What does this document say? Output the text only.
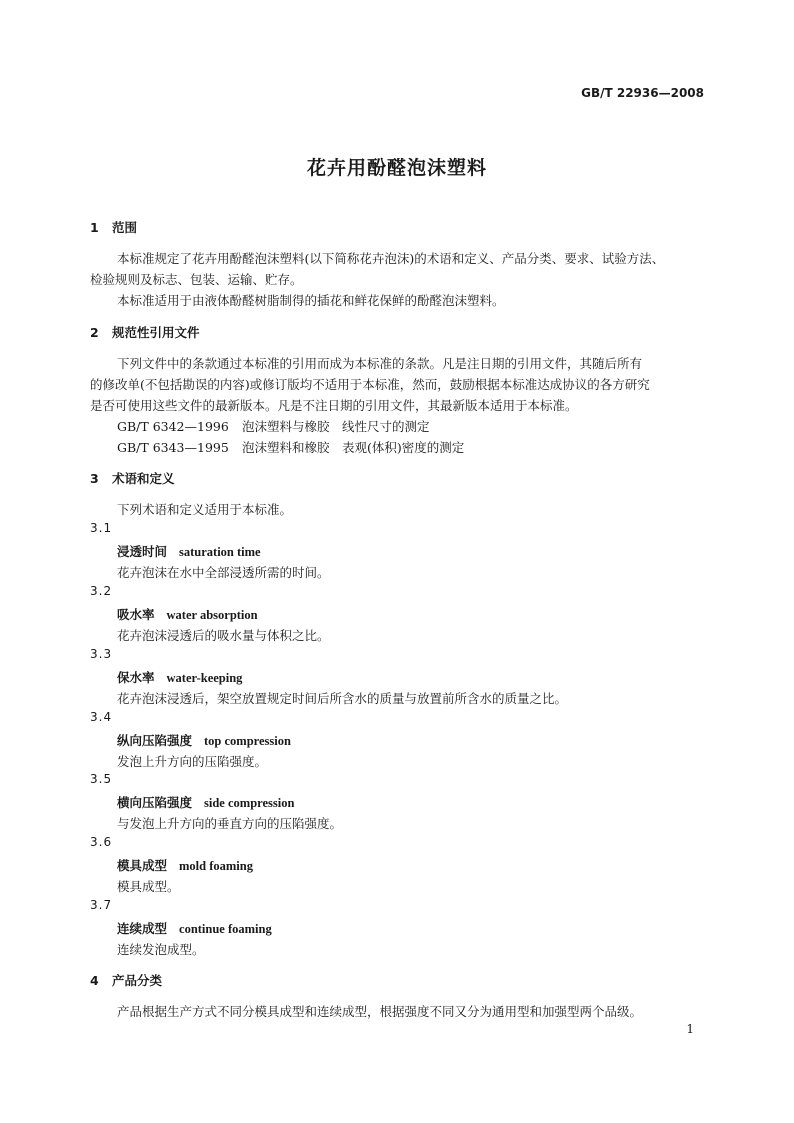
GB/T 22936—2008
花卉用酚醛泡沫塑料
1 范围
本标准规定了花卉用酚醛泡沫塑料(以下简称花卉泡沫)的术语和定义、产品分类、要求、试验方法、
检验规则及标志、包装、运输、贮存。
本标准适用于由液体酚醛树脂制得的插花和鲜花保鲜的酚醛泡沫塑料。
2 规范性引用文件
下列文件中的条款通过本标准的引用而成为本标准的条款。凡是注日期的引用文件，其随后所有
的修改单(不包括勘误的内容)或修订版均不适用于本标准，然而，鼓励根据本标准达成协议的各方研究
是否可使用这些文件的最新版本。凡是不注日期的引用文件，其最新版本适用于本标准。
GB/T 6342—1996 泡沫塑料与橡胶　线性尺寸的测定
GB/T 6343—1995 泡沫塑料和橡胶　表观(体积)密度的测定
3 术语和定义
下列术语和定义适用于本标准。
3.1
浸透时间 saturation time
花卉泡沫在水中全部浸透所需的时间。
3.2
吸水率 water absorption
花卉泡沫浸透后的吸水量与体积之比。
3.3
保水率 water-keeping
花卉泡沫浸透后，架空放置规定时间后所含水的质量与放置前所含水的质量之比。
3.4
纵向压陷强度 top compression
发泡上升方向的压陷强度。
3.5
横向压陷强度 side compression
与发泡上升方向的垂直方向的压陷强度。
3.6
模具成型 mold foaming
模具成型。
3.7
连续成型 continue foaming
连续发泡成型。
4 产品分类
产品根据生产方式不同分模具成型和连续成型，根据强度不同又分为通用型和加强型两个品级。
1
